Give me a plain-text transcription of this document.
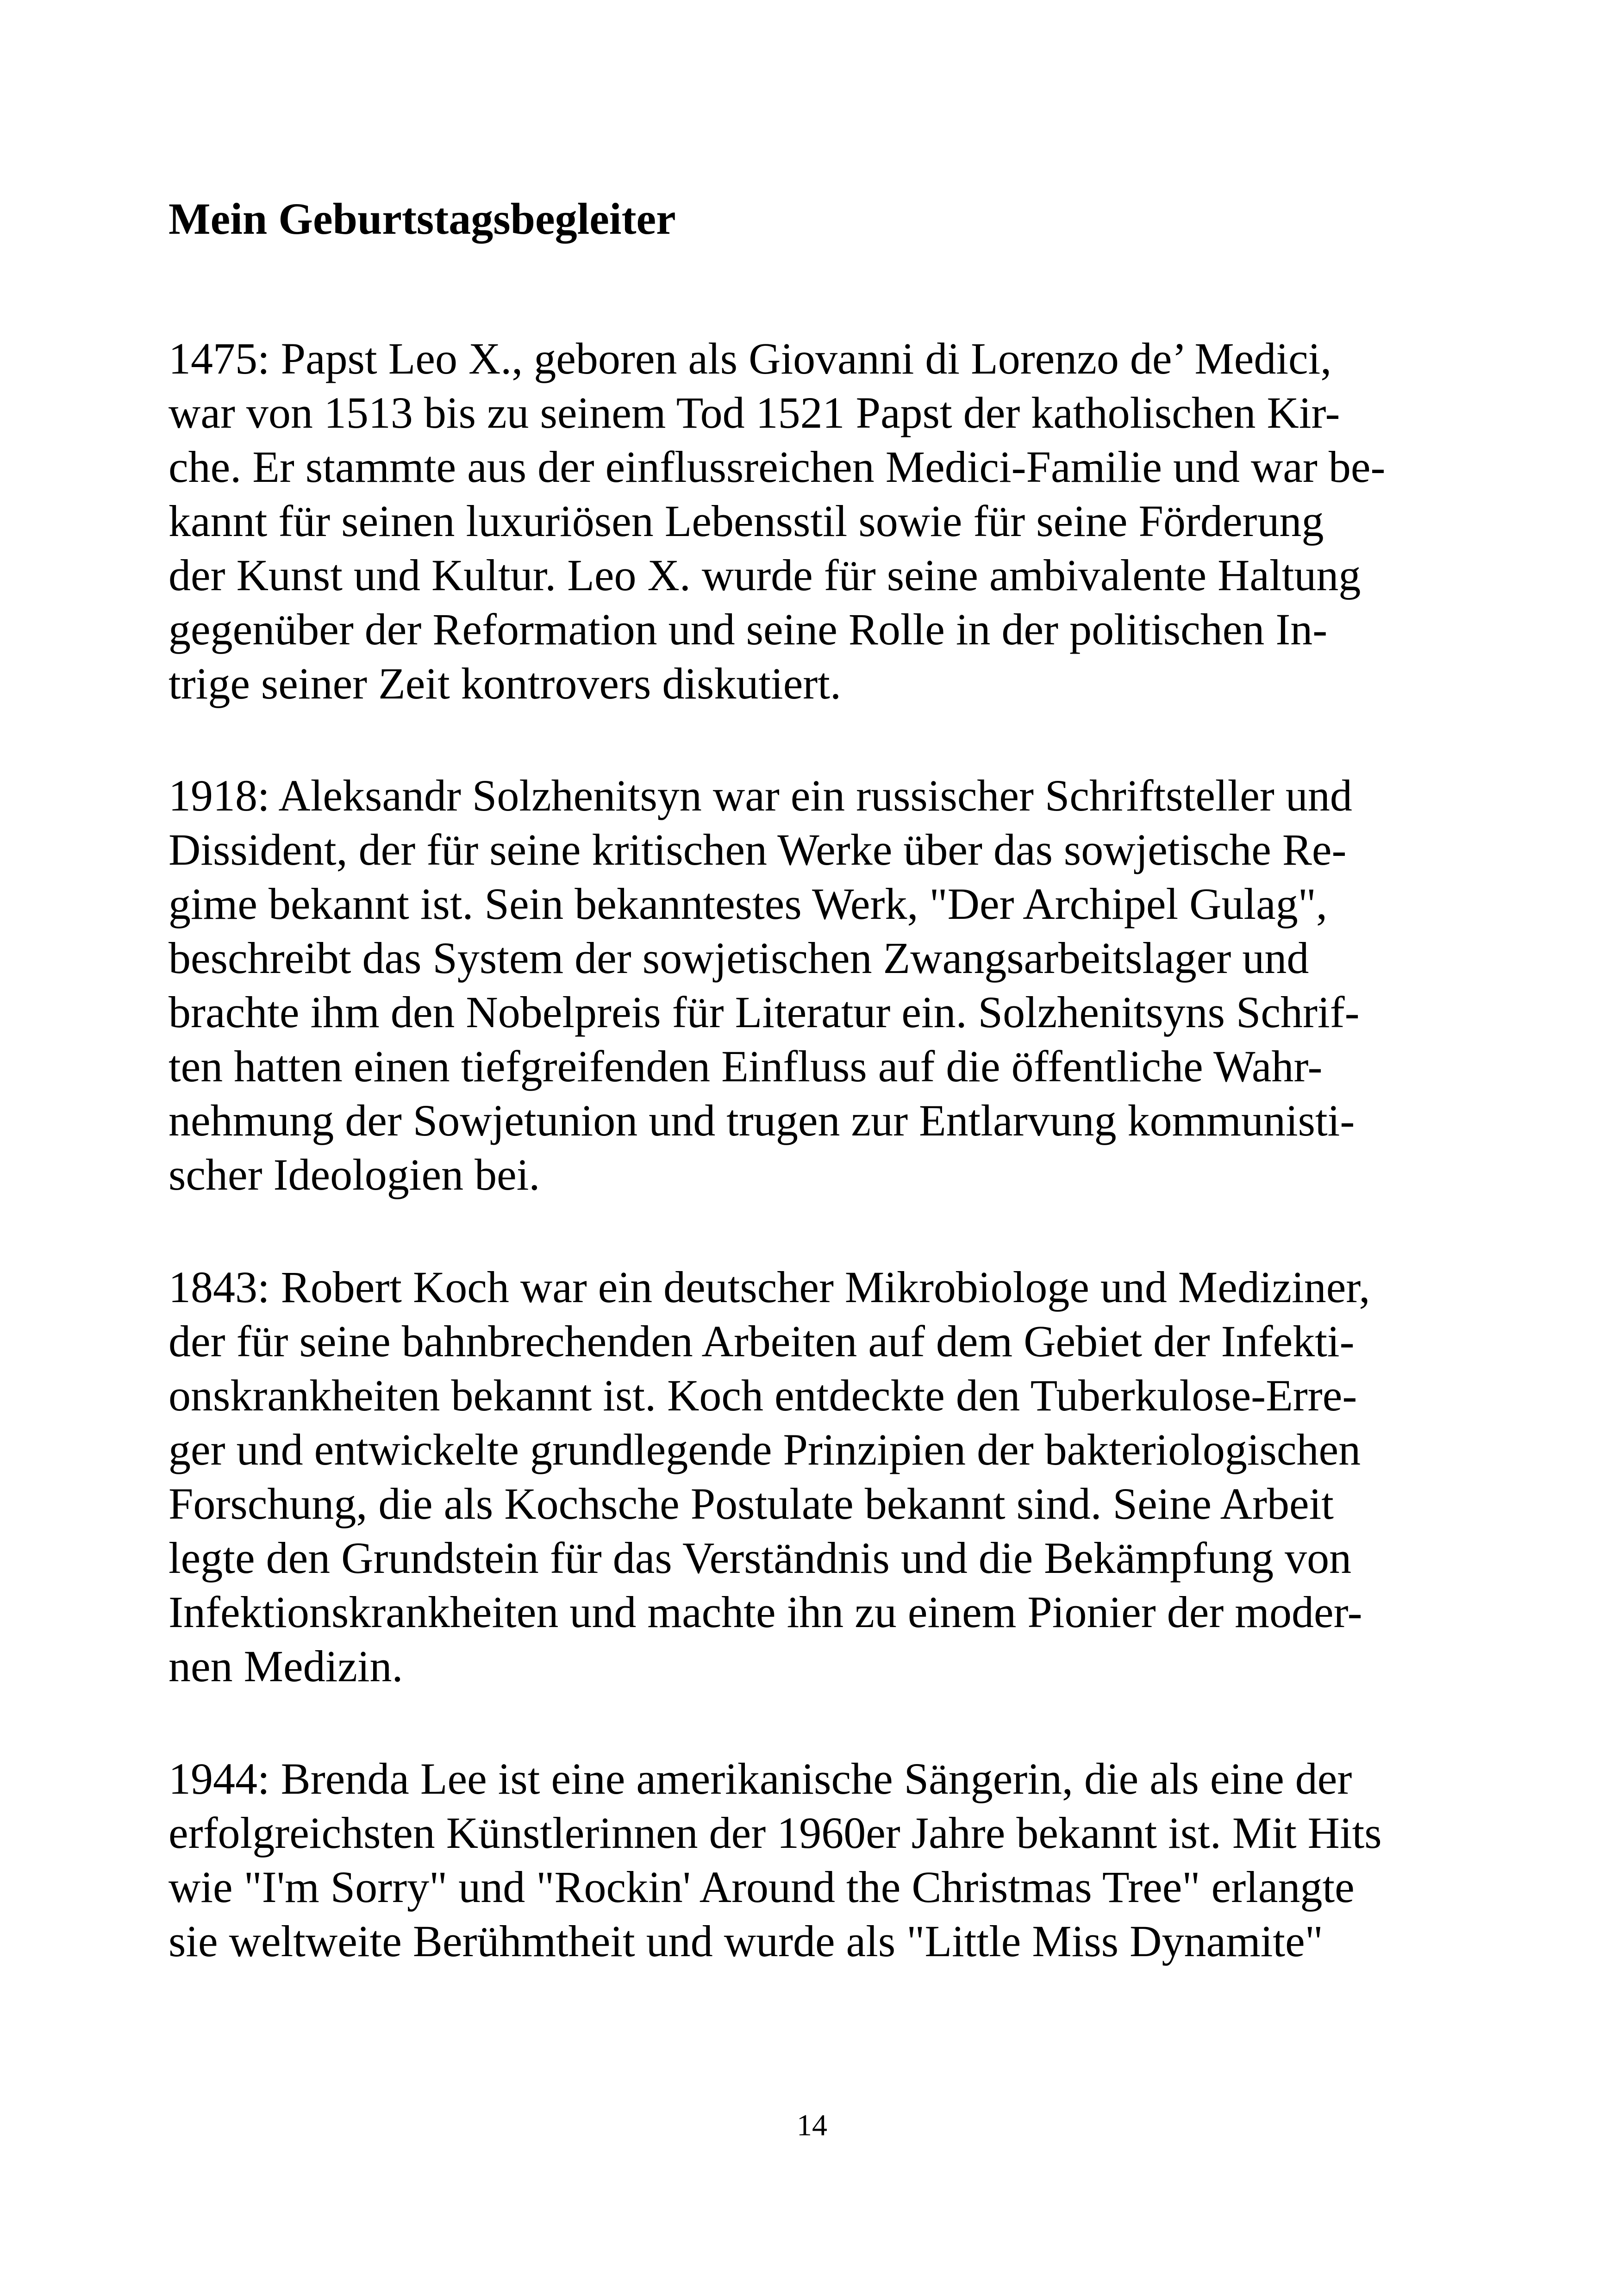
Mein Geburtstagsbegleiter
1475: Papst Leo X., geboren als Giovanni di Lorenzo de’ Medici,
war von 1513 bis zu seinem Tod 1521 Papst der katholischen Kir-
che. Er stammte aus der einflussreichen Medici-Familie und war be-
kannt für seinen luxuriösen Lebensstil sowie für seine Förderung
der Kunst und Kultur. Leo X. wurde für seine ambivalente Haltung
gegenüber der Reformation und seine Rolle in der politischen In-
trige seiner Zeit kontrovers diskutiert.
1918: Aleksandr Solzhenitsyn war ein russischer Schriftsteller und
Dissident, der für seine kritischen Werke über das sowjetische Re-
gime bekannt ist. Sein bekanntestes Werk, "Der Archipel Gulag",
beschreibt das System der sowjetischen Zwangsarbeitslager und
brachte ihm den Nobelpreis für Literatur ein. Solzhenitsyns Schrif-
ten hatten einen tiefgreifenden Einfluss auf die öffentliche Wahr-
nehmung der Sowjetunion und trugen zur Entlarvung kommunisti-
scher Ideologien bei.
1843: Robert Koch war ein deutscher Mikrobiologe und Mediziner,
der für seine bahnbrechenden Arbeiten auf dem Gebiet der Infekti-
onskrankheiten bekannt ist. Koch entdeckte den Tuberkulose-Erre-
ger und entwickelte grundlegende Prinzipien der bakteriologischen
Forschung, die als Kochsche Postulate bekannt sind. Seine Arbeit
legte den Grundstein für das Verständnis und die Bekämpfung von
Infektionskrankheiten und machte ihn zu einem Pionier der moder-
nen Medizin.
1944: Brenda Lee ist eine amerikanische Sängerin, die als eine der
erfolgreichsten Künstlerinnen der 1960er Jahre bekannt ist. Mit Hits
wie "I'm Sorry" und "Rockin' Around the Christmas Tree" erlangte
sie weltweite Berühmtheit und wurde als "Little Miss Dynamite"
14
